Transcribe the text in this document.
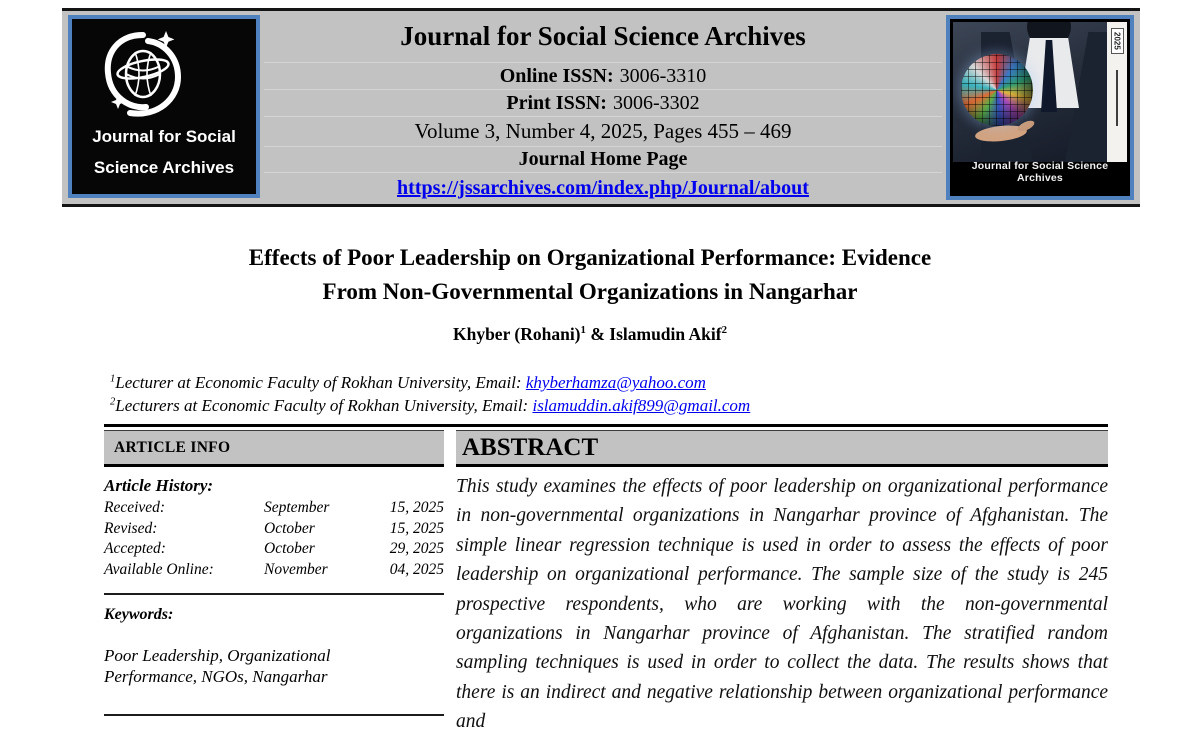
Journal for Social
Science Archives
Journal for Social Science Archives
Online ISSN: 3006-3310
Print ISSN: 3006-3302
Volume 3, Number 4, 2025, Pages 455 – 469
Journal Home Page
https://jssarchives.com/index.php/Journal/about
2025
Journal for Social Science Archives
Effects of Poor Leadership on Organizational Performance: Evidence
From Non-Governmental Organizations in Nangarhar
Khyber (Rohani)$^1$ & Islamudin Akif$^2$
$^1$Lecturer at Economic Faculty of Rokhan University, Email: khyberhamza@yahoo.com
$^2$Lecturers at Economic Faculty of Rokhan University, Email: islamuddin.akif899@gmail.com
ARTICLE INFO
Article History:
Received:	September	15, 2025
Revised:	October	15, 2025
Accepted:	October	29, 2025
Available Online:	November	04, 2025
Keywords:
Poor Leadership, Organizational Performance, NGOs, Nangarhar
ABSTRACT

This study examines the effects of poor leadership on organizational performance in non-governmental organizations in Nangarhar province of Afghanistan. The simple linear regression technique is used in order to assess the effects of poor leadership on organizational performance. The sample size of the study is 245 prospective respondents, who are working with the non-governmental organizations in Nangarhar province of Afghanistan. The stratified random sampling techniques is used in order to collect the data. The results shows that there is an indirect and negative relationship between organizational performance and
